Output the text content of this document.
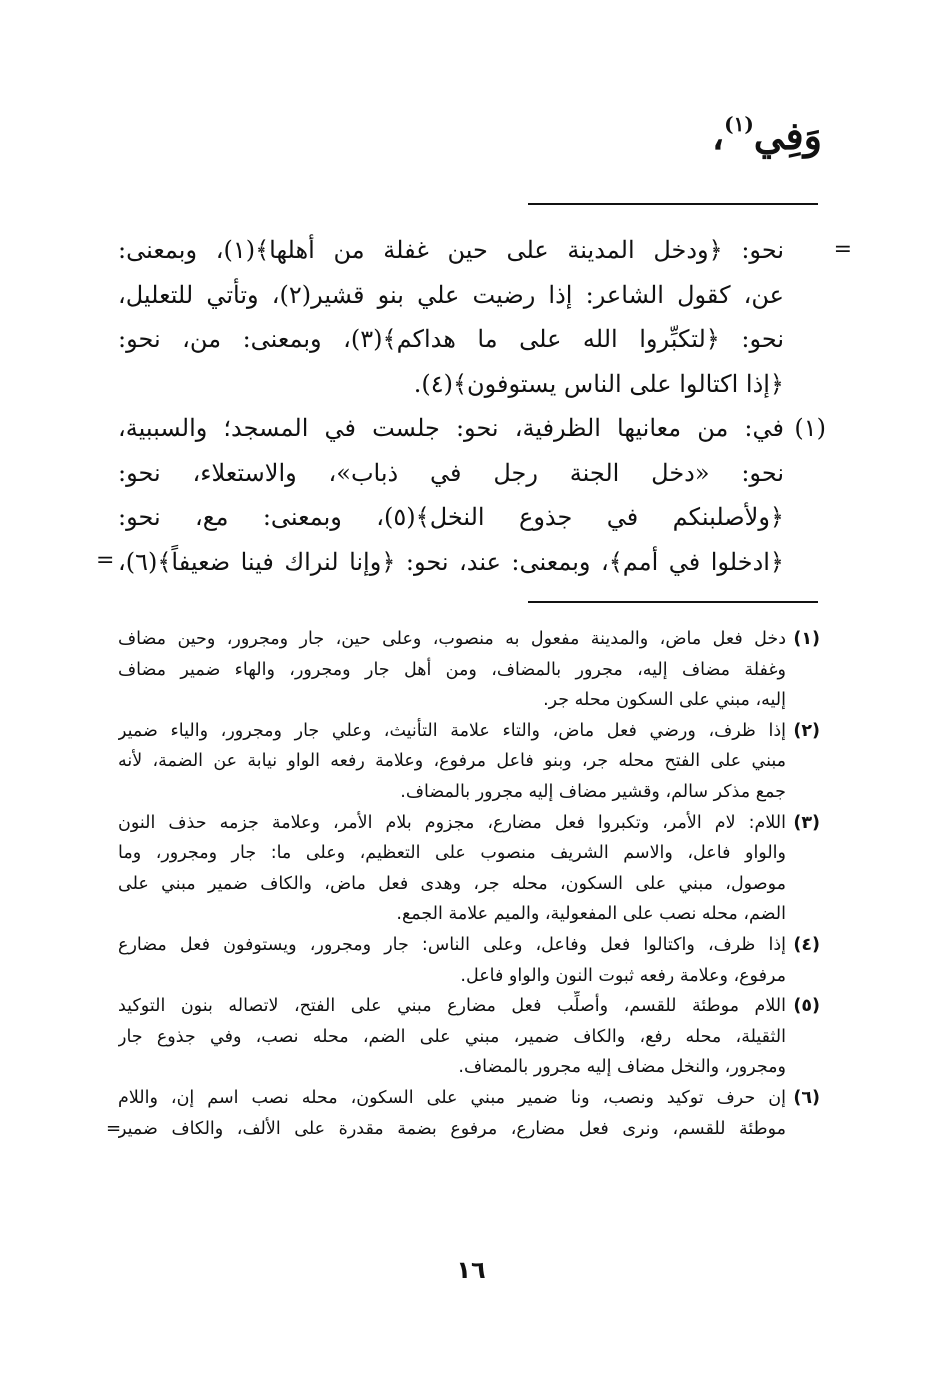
وَفِي$^{(١)}$،
=
نحو: ﴿ودخل المدينة على حين غفلة من أهلها﴾(١)، وبمعنى:
عن، كقول الشاعر: إذا رضيت علي بنو قشير(٢)، وتأتي للتعليل،
نحو: ﴿لتكبِّروا الله على ما هداكم﴾(٣)، وبمعنى: من، نحو:
﴿إذا اكتالوا على الناس يستوفون﴾(٤).
(١)
في: من معانيها الظرفية، نحو: جلست في المسجد؛ والسببية،
نحو: «دخل الجنة رجل في ذباب»، والاستعلاء، نحو:
﴿ولأصلبنكم في جذوع النخل﴾(٥)، وبمعنى: مع، نحو:
﴿ادخلوا في أمم﴾، وبمعنى: عند، نحو: ﴿وإنا لنراك فينا ضعيفاً﴾(٦)،
=
(١)
دخل فعل ماض، والمدينة مفعول به منصوب، وعلى حين، جار ومجرور، وحين مضاف
وغفلة مضاف إليه، مجرور بالمضاف، ومن أهل جار ومجرور، والهاء ضمير مضاف
إليه، مبني على السكون محله جر.
(٢)
إذا ظرف، ورضي فعل ماض، والتاء علامة التأنيث، وعلي جار ومجرور، والياء ضمير
مبني على الفتح محله جر، وبنو فاعل مرفوع، وعلامة رفعه الواو نيابة عن الضمة، لأنه
جمع مذكر سالم، وقشير مضاف إليه مجرور بالمضاف.
(٣)
اللام: لام الأمر، وتكبروا فعل مضارع، مجزوم بلام الأمر، وعلامة جزمه حذف النون
والواو فاعل، والاسم الشريف منصوب على التعظيم، وعلى ما: جار ومجرور، وما
موصول، مبني على السكون، محله جر، وهدى فعل ماض، والكاف ضمير مبني على
الضم، محله نصب على المفعولية، والميم علامة الجمع.
(٤)
إذا ظرف، واكتالوا فعل وفاعل، وعلى الناس: جار ومجرور، ويستوفون فعل مضارع
مرفوع، وعلامة رفعه ثبوت النون والواو فاعل.
(٥)
اللام موطئة للقسم، وأصلِّب فعل مضارع مبني على الفتح، لاتصاله بنون التوكيد
الثقيلة، محله رفع، والكاف ضمير، مبني على الضم، محله نصب، وفي جذوع جار
ومجرور، والنخل مضاف إليه مجرور بالمضاف.
(٦)
إن حرف توكيد ونصب، ونا ضمير مبني على السكون، محله نصب اسم إن، واللام
موطئة للقسم، ونرى فعل مضارع، مرفوع بضمة مقدرة على الألف، والكاف ضمير
=
١٦
